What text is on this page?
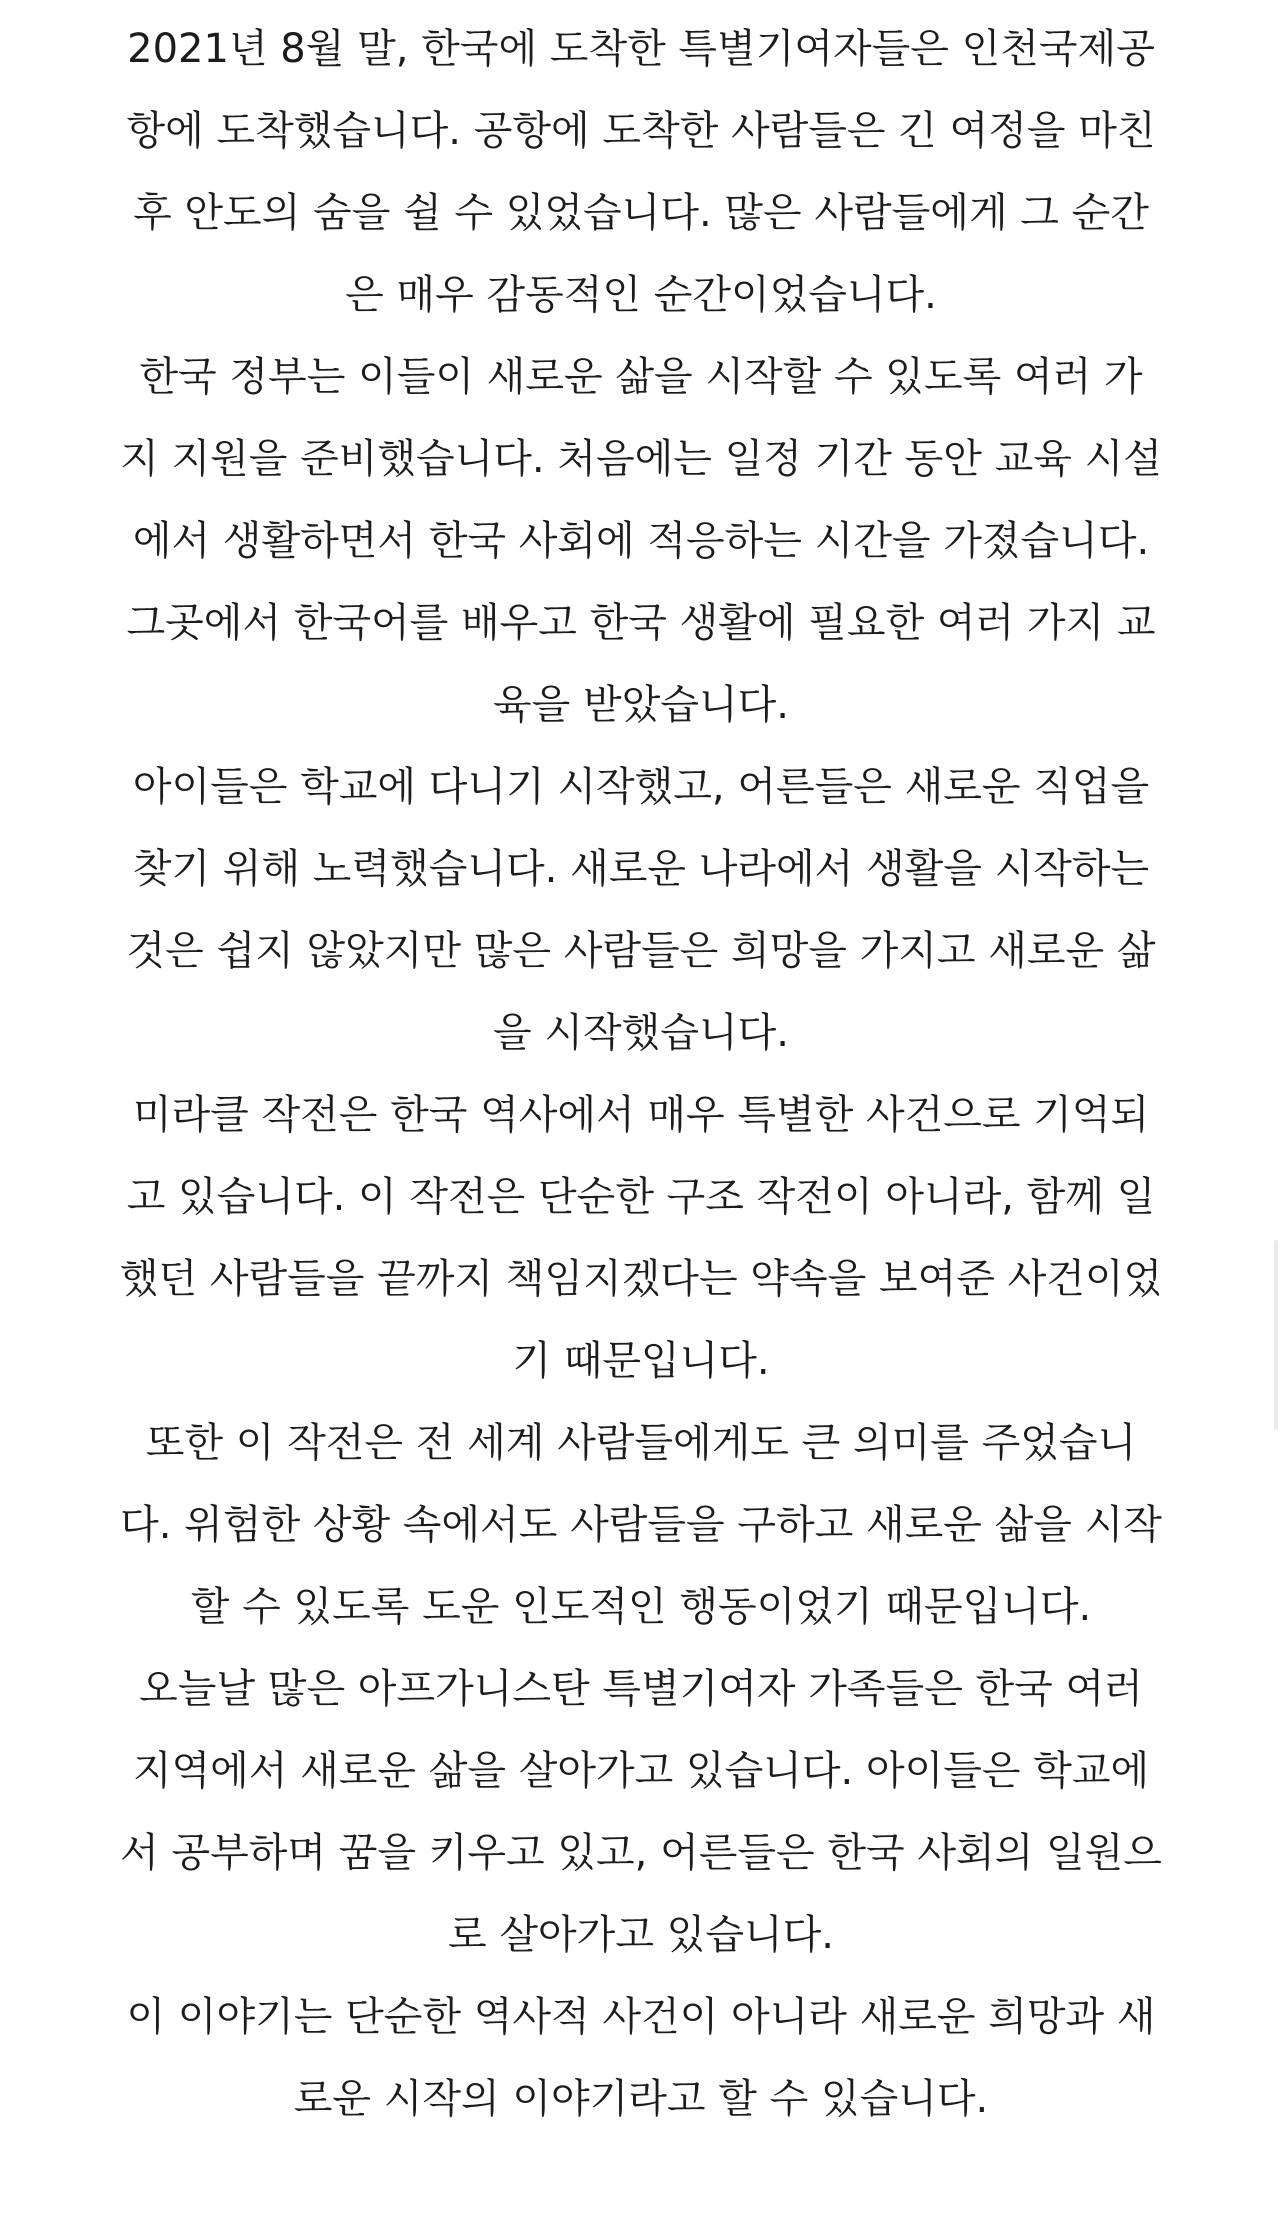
2021년 8월 말, 한국에 도착한 특별기여자들은 인천국제공
항에 도착했습니다. 공항에 도착한 사람들은 긴 여정을 마친
후 안도의 숨을 쉴 수 있었습니다. 많은 사람들에게 그 순간
은 매우 감동적인 순간이었습니다.

한국 정부는 이들이 새로운 삶을 시작할 수 있도록 여러 가
지 지원을 준비했습니다. 처음에는 일정 기간 동안 교육 시설
에서 생활하면서 한국 사회에 적응하는 시간을 가졌습니다.
그곳에서 한국어를 배우고 한국 생활에 필요한 여러 가지 교
육을 받았습니다.

아이들은 학교에 다니기 시작했고, 어른들은 새로운 직업을
찾기 위해 노력했습니다. 새로운 나라에서 생활을 시작하는
것은 쉽지 않았지만 많은 사람들은 희망을 가지고 새로운 삶
을 시작했습니다.

미라클 작전은 한국 역사에서 매우 특별한 사건으로 기억되
고 있습니다. 이 작전은 단순한 구조 작전이 아니라, 함께 일
했던 사람들을 끝까지 책임지겠다는 약속을 보여준 사건이었
기 때문입니다.

또한 이 작전은 전 세계 사람들에게도 큰 의미를 주었습니
다. 위험한 상황 속에서도 사람들을 구하고 새로운 삶을 시작
할 수 있도록 도운 인도적인 행동이었기 때문입니다.

오늘날 많은 아프가니스탄 특별기여자 가족들은 한국 여러
지역에서 새로운 삶을 살아가고 있습니다. 아이들은 학교에
서 공부하며 꿈을 키우고 있고, 어른들은 한국 사회의 일원으
로 살아가고 있습니다.

이 이야기는 단순한 역사적 사건이 아니라 새로운 희망과 새
로운 시작의 이야기라고 할 수 있습니다.
